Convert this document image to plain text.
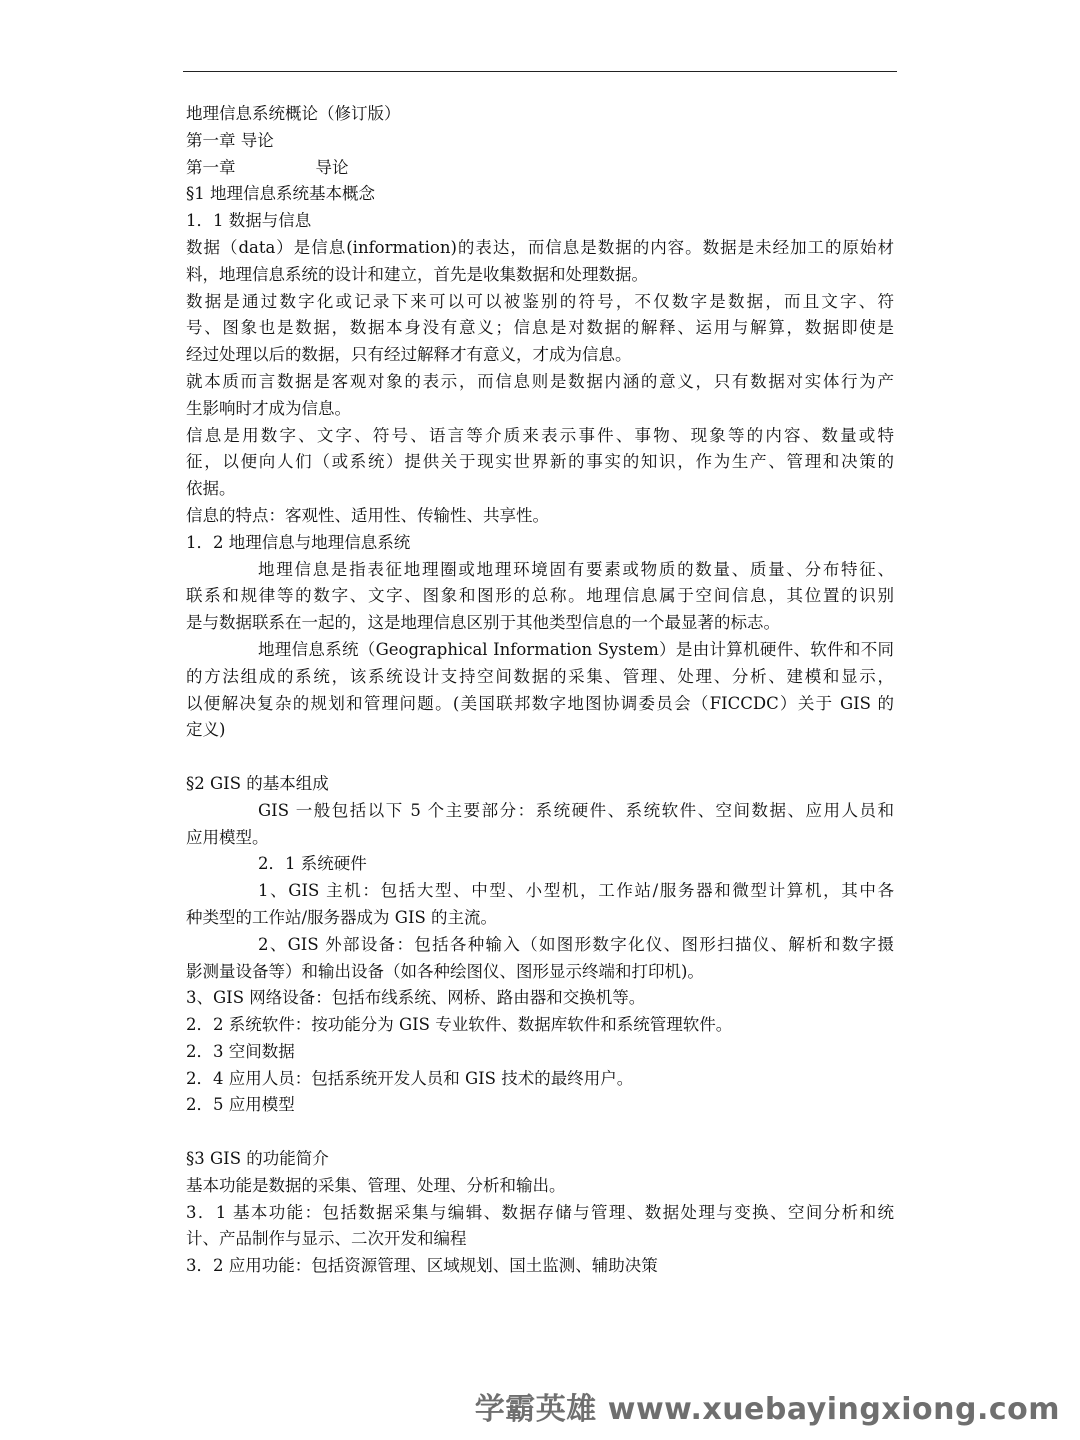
地理信息系统概论（修订版）
第一章 导论
第一章	导论
§1 地理信息系统基本概念
1．1 数据与信息
数据（data）是信息(information)的表达，而信息是数据的内容。数据是未经加工的原始材
料，地理信息系统的设计和建立，首先是收集数据和处理数据。
数据是通过数字化或记录下来可以可以被鉴别的符号，不仅数字是数据，而且文字、符
号、图象也是数据，数据本身没有意义；信息是对数据的解释、运用与解算，数据即使是
经过处理以后的数据，只有经过解释才有意义，才成为信息。
就本质而言数据是客观对象的表示，而信息则是数据内涵的意义，只有数据对实体行为产
生影响时才成为信息。
信息是用数字、文字、符号、语言等介质来表示事件、事物、现象等的内容、数量或特
征，以便向人们（或系统）提供关于现实世界新的事实的知识，作为生产、管理和决策的
依据。
信息的特点：客观性、适用性、传输性、共享性。
1．2 地理信息与地理信息系统
地理信息是指表征地理圈或地理环境固有要素或物质的数量、质量、分布特征、
联系和规律等的数字、文字、图象和图形的总称。地理信息属于空间信息，其位置的识别
是与数据联系在一起的，这是地理信息区别于其他类型信息的一个最显著的标志。
地理信息系统（Geographical Information System）是由计算机硬件、软件和不同
的方法组成的系统，该系统设计支持空间数据的采集、管理、处理、分析、建模和显示，
以便解决复杂的规划和管理问题。(美国联邦数字地图协调委员会（FICCDC）关于 GIS 的
定义)
§2 GIS 的基本组成
GIS 一般包括以下 5 个主要部分：系统硬件、系统软件、空间数据、应用人员和
应用模型。
2．1 系统硬件
1、GIS 主机：包括大型、中型、小型机，工作站/服务器和微型计算机，其中各
种类型的工作站/服务器成为 GIS 的主流。
2、GIS 外部设备：包括各种输入（如图形数字化仪、图形扫描仪、解析和数字摄
影测量设备等）和输出设备（如各种绘图仪、图形显示终端和打印机)。
3、GIS 网络设备：包括布线系统、网桥、路由器和交换机等。
2．2 系统软件：按功能分为 GIS 专业软件、数据库软件和系统管理软件。
2．3 空间数据
2．4 应用人员：包括系统开发人员和 GIS 技术的最终用户。
2．5 应用模型
§3 GIS 的功能简介
基本功能是数据的采集、管理、处理、分析和输出。
3．1 基本功能：包括数据采集与编辑、数据存储与管理、数据处理与变换、空间分析和统
计、产品制作与显示、二次开发和编程
3．2 应用功能：包括资源管理、区域规划、国土监测、辅助决策
学霸英雄 www.xuebayingxiong.com
